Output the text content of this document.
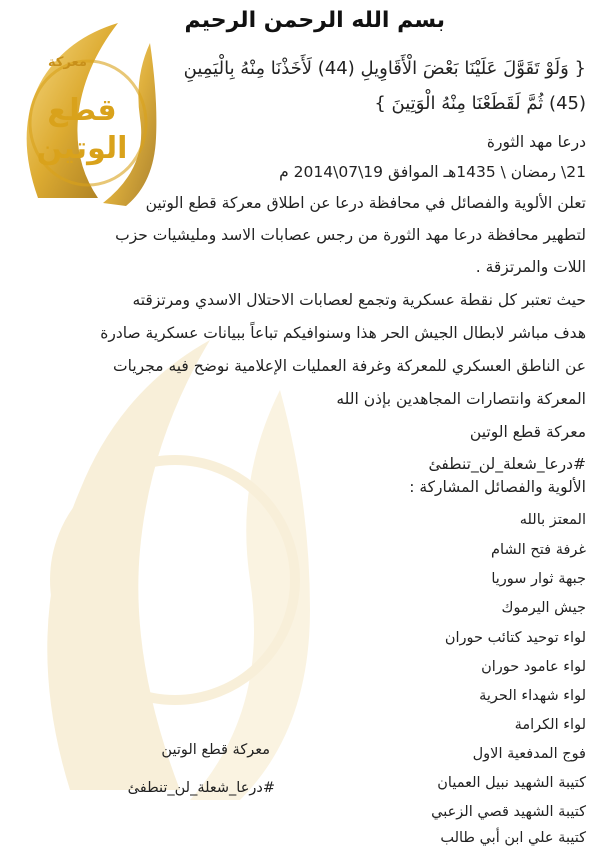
معركة
قطع الوتين
بسم الله الرحمن الرحيم
{ وَلَوْ تَقَوَّلَ عَلَيْنَا بَعْضَ الْأَقَاوِيلِ (44) لَأَخَذْنَا مِنْهُ بِالْيَمِينِ
(45) ثُمَّ لَقَطَعْنَا مِنْهُ الْوَتِينَ }
درعا مهد الثورة
21\ رمضان \ 1435هـ الموافق 19\07\2014 م
تعلن الألوية والفصائل في محافظة درعا عن اطلاق معركة قطع الوتين
لتطهير محافظة درعا مهد الثورة من رجس عصابات الاسد ومليشيات حزب
اللات والمرتزقة .
حيث تعتبر كل نقطة عسكرية وتجمع لعصابات الاحتلال الاسدي ومرتزقته
هدف مباشر لابطال الجيش الحر هذا وسنوافيكم تباعاً ببيانات عسكرية صادرة
عن الناطق العسكري للمعركة وغرفة العمليات الإعلامية نوضح فيه مجريات
المعركة وانتصارات المجاهدين بإذن الله
معركة قطع الوتين
#درعا_شعلة_لن_تنطفئ
الألوية والفصائل المشاركة :
المعتز بالله
غرفة فتح الشام
جبهة ثوار سوريا
جيش اليرموك
لواء توحيد كتائب حوران
لواء عامود حوران
لواء شهداء الحرية
لواء الكرامة
فوج المدفعية الاول
كتيبة الشهيد نبيل العميان
كتيبة الشهيد قصي الزعبي
كتيبة علي ابن أبي طالب
معركة قطع الوتين
#درعا_شعلة_لن_تنطفئ
